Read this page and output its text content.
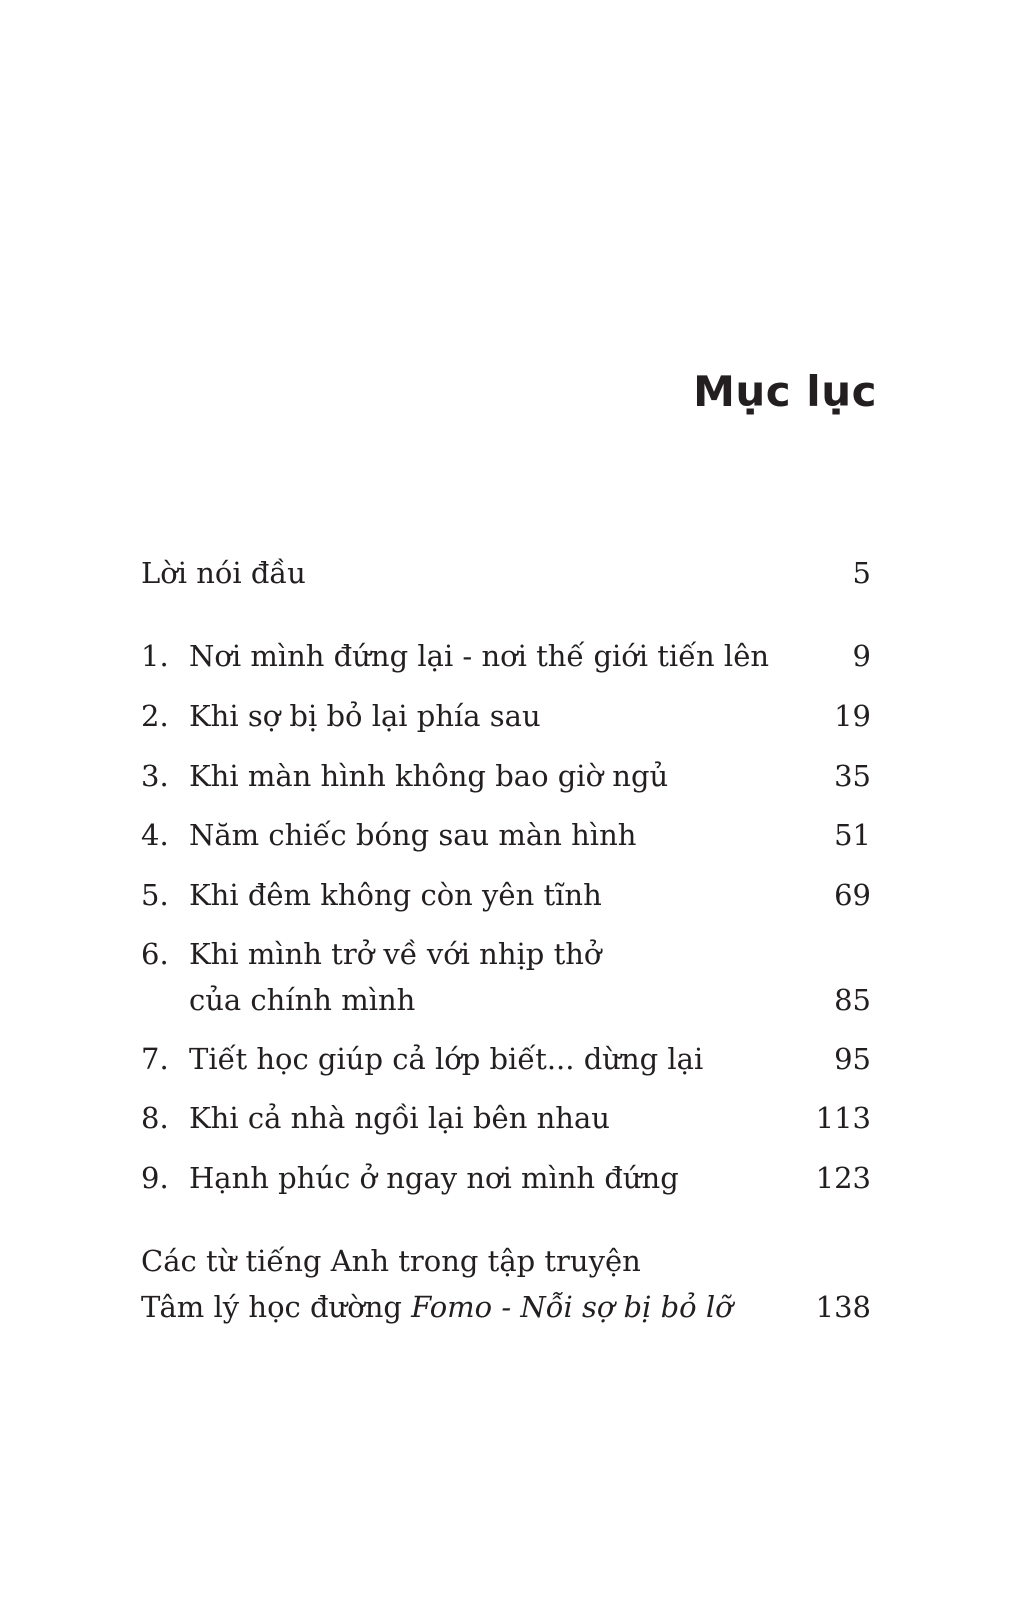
Mục lục
Lời nói đầu	5
1. Nơi mình đứng lại - nơi thế giới tiến lên	9
2. Khi sợ bị bỏ lại phía sau	19
3. Khi màn hình không bao giờ ngủ	35
4. Năm chiếc bóng sau màn hình	51
5. Khi đêm không còn yên tĩnh	69
6. Khi mình trở về với nhịp thở
của chính mình	85
7. Tiết học giúp cả lớp biết... dừng lại	95
8. Khi cả nhà ngồi lại bên nhau	113
9. Hạnh phúc ở ngay nơi mình đứng	123
Các từ tiếng Anh trong tập truyện
Tâm lý học đường Fomo - Nỗi sợ bị bỏ lỡ	138
